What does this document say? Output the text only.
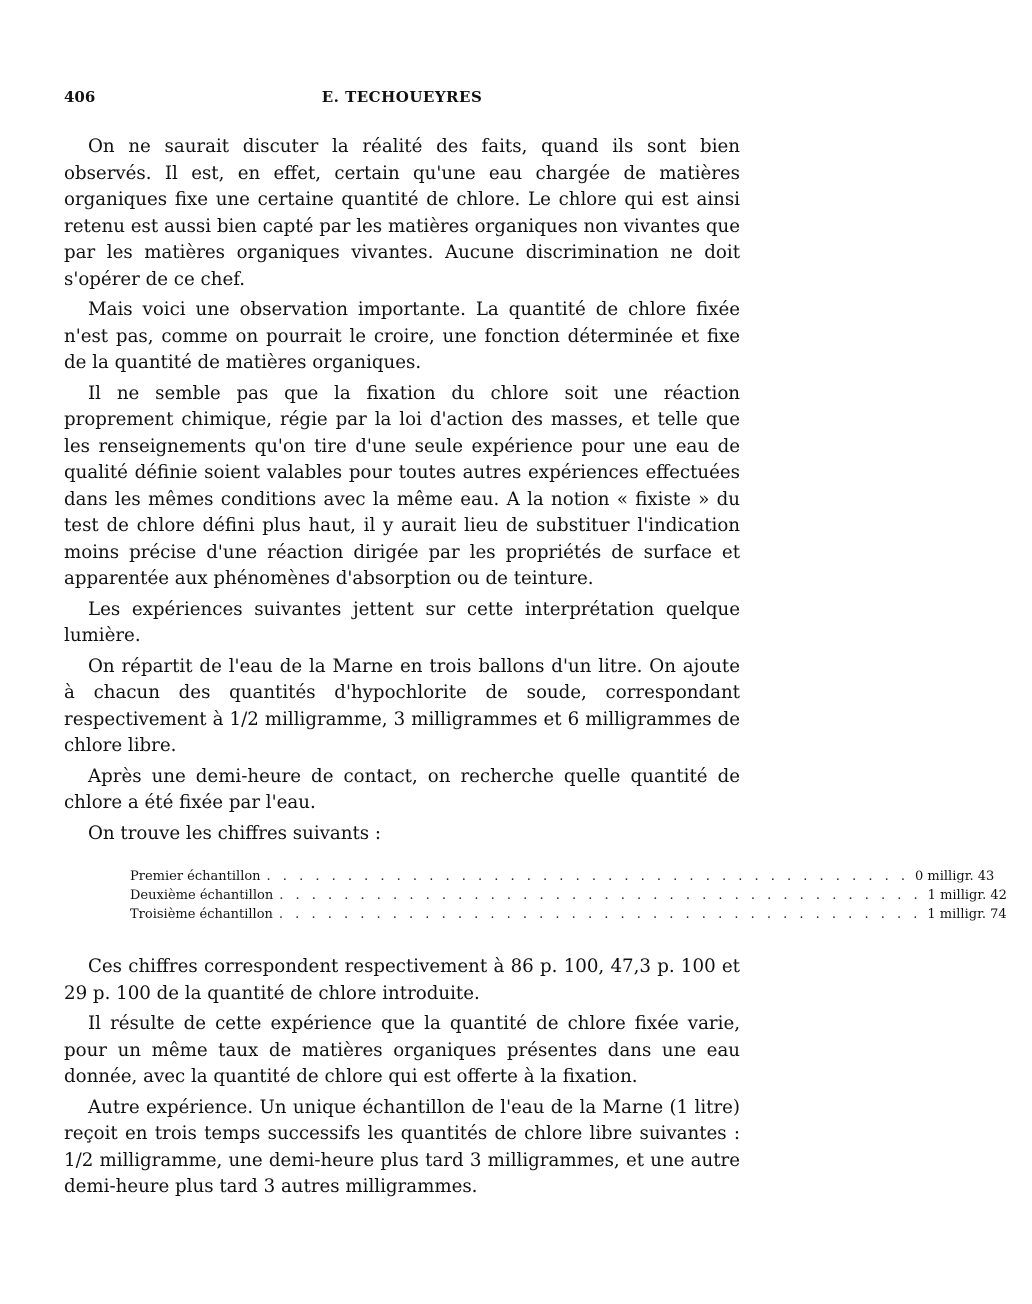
406	E. TECHOUEYRES

On ne saurait discuter la réalité des faits, quand ils sont bien observés. Il est, en effet, certain qu'une eau chargée de matières organiques fixe une certaine quantité de chlore. Le chlore qui est ainsi retenu est aussi bien capté par les matières organiques non vivantes que par les matières organiques vivantes. Aucune discrimination ne doit s'opérer de ce chef.

Mais voici une observation importante. La quantité de chlore fixée n'est pas, comme on pourrait le croire, une fonction déterminée et fixe de la quantité de matières organiques.

Il ne semble pas que la fixation du chlore soit une réaction proprement chimique, régie par la loi d'action des masses, et telle que les renseignements qu'on tire d'une seule expérience pour une eau de qualité définie soient valables pour toutes autres expériences effectuées dans les mêmes conditions avec la même eau. A la notion « fixiste » du test de chlore défini plus haut, il y aurait lieu de substituer l'indication moins précise d'une réaction dirigée par les propriétés de surface et apparentée aux phénomènes d'absorption ou de teinture.

Les expériences suivantes jettent sur cette interprétation quelque lumière.

On répartit de l'eau de la Marne en trois ballons d'un litre. On ajoute à chacun des quantités d'hypochlorite de soude, correspondant respectivement à 1/2 milligramme, 3 milligrammes et 6 milligrammes de chlore libre.

Après une demi-heure de contact, on recherche quelle quantité de chlore a été fixée par l'eau.

On trouve les chiffres suivants :

Premier échantillon . . . . . . . . . . . . . . . . . . . . . . . . . . . . . . . . . . . . . . . . 0 milligr. 43
Deuxième échantillon . . . . . . . . . . . . . . . . . . . . . . . . . . . . . . . . . . . . . . . . 1 milligr. 42
Troisième échantillon . . . . . . . . . . . . . . . . . . . . . . . . . . . . . . . . . . . . . . . . 1 milligr. 74

Ces chiffres correspondent respectivement à 86 p. 100, 47,3 p. 100 et 29 p. 100 de la quantité de chlore introduite.

Il résulte de cette expérience que la quantité de chlore fixée varie, pour un même taux de matières organiques présentes dans une eau donnée, avec la quantité de chlore qui est offerte à la fixation.

Autre expérience. Un unique échantillon de l'eau de la Marne (1 litre) reçoit en trois temps successifs les quantités de chlore libre suivantes : 1/2 milligramme, une demi-heure plus tard 3 milligrammes, et une autre demi-heure plus tard 3 autres milligrammes.
